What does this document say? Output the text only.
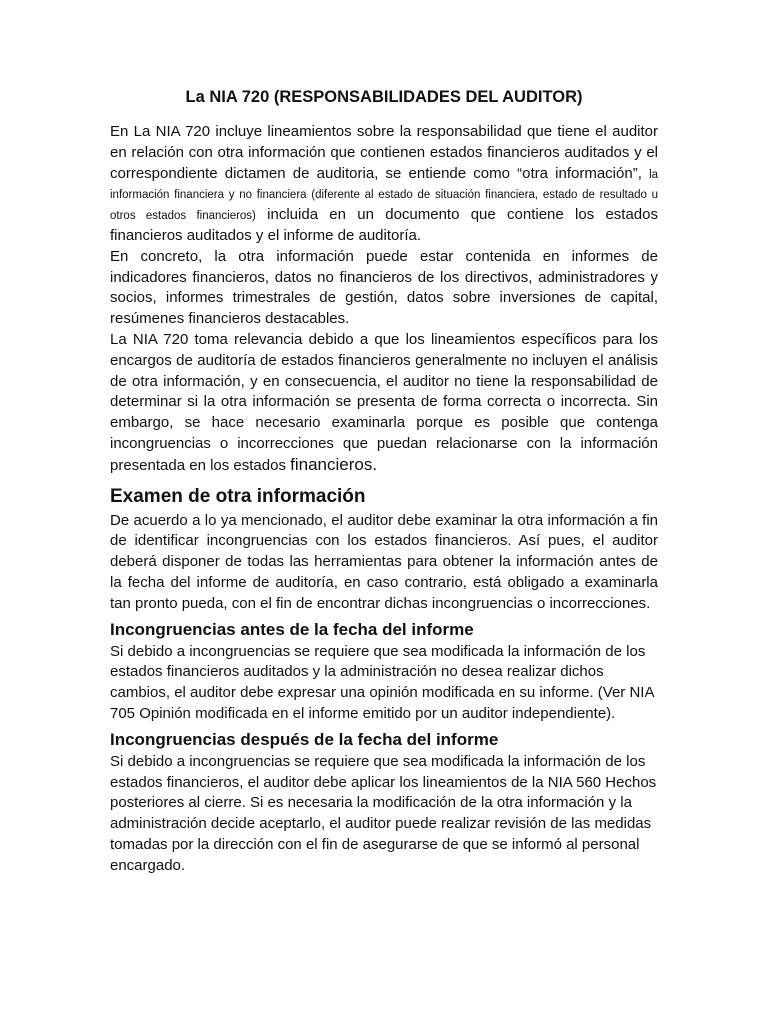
La NIA 720 (RESPONSABILIDADES DEL AUDITOR)

En La NIA 720 incluye lineamientos sobre la responsabilidad que tiene el auditor en relación con otra información que contienen estados financieros auditados y el correspondiente dictamen de auditoria, se entiende como “otra información”, la información financiera y no financiera (diferente al estado de situación financiera, estado de resultado u otros estados financieros) incluida en un documento que contiene los estados financieros auditados y el informe de auditoría.

En concreto, la otra información puede estar contenida en informes de indicadores financieros, datos no financieros de los directivos, administradores y socios, informes trimestrales de gestión, datos sobre inversiones de capital, resúmenes financieros destacables.

La NIA 720 toma relevancia debido a que los lineamientos específicos para los encargos de auditoría de estados financieros generalmente no incluyen el análisis de otra información, y en consecuencia, el auditor no tiene la responsabilidad de determinar si la otra información se presenta de forma correcta o incorrecta. Sin embargo, se hace necesario examinarla porque es posible que contenga incongruencias o incorrecciones que puedan relacionarse con la información presentada en los estados financieros.

Examen de otra información

De acuerdo a lo ya mencionado, el auditor debe examinar la otra información a fin de identificar incongruencias con los estados financieros. Así pues, el auditor deberá disponer de todas las herramientas para obtener la información antes de la fecha del informe de auditoría, en caso contrario, está obligado a examinarla tan pronto pueda, con el fin de encontrar dichas incongruencias o incorrecciones.

Incongruencias antes de la fecha del informe

Si debido a incongruencias se requiere que sea modificada la información de los estados financieros auditados y la administración no desea realizar dichos cambios, el auditor debe expresar una opinión modificada en su informe. (Ver NIA 705 Opinión modificada en el informe emitido por un auditor independiente).

Incongruencias después de la fecha del informe

Si debido a incongruencias se requiere que sea modificada la información de los estados financieros, el auditor debe aplicar los lineamientos de la NIA 560 Hechos posteriores al cierre. Si es necesaria la modificación de la otra información y la administración decide aceptarlo, el auditor puede realizar revisión de las medidas tomadas por la dirección con el fin de asegurarse de que se informó al personal encargado.
